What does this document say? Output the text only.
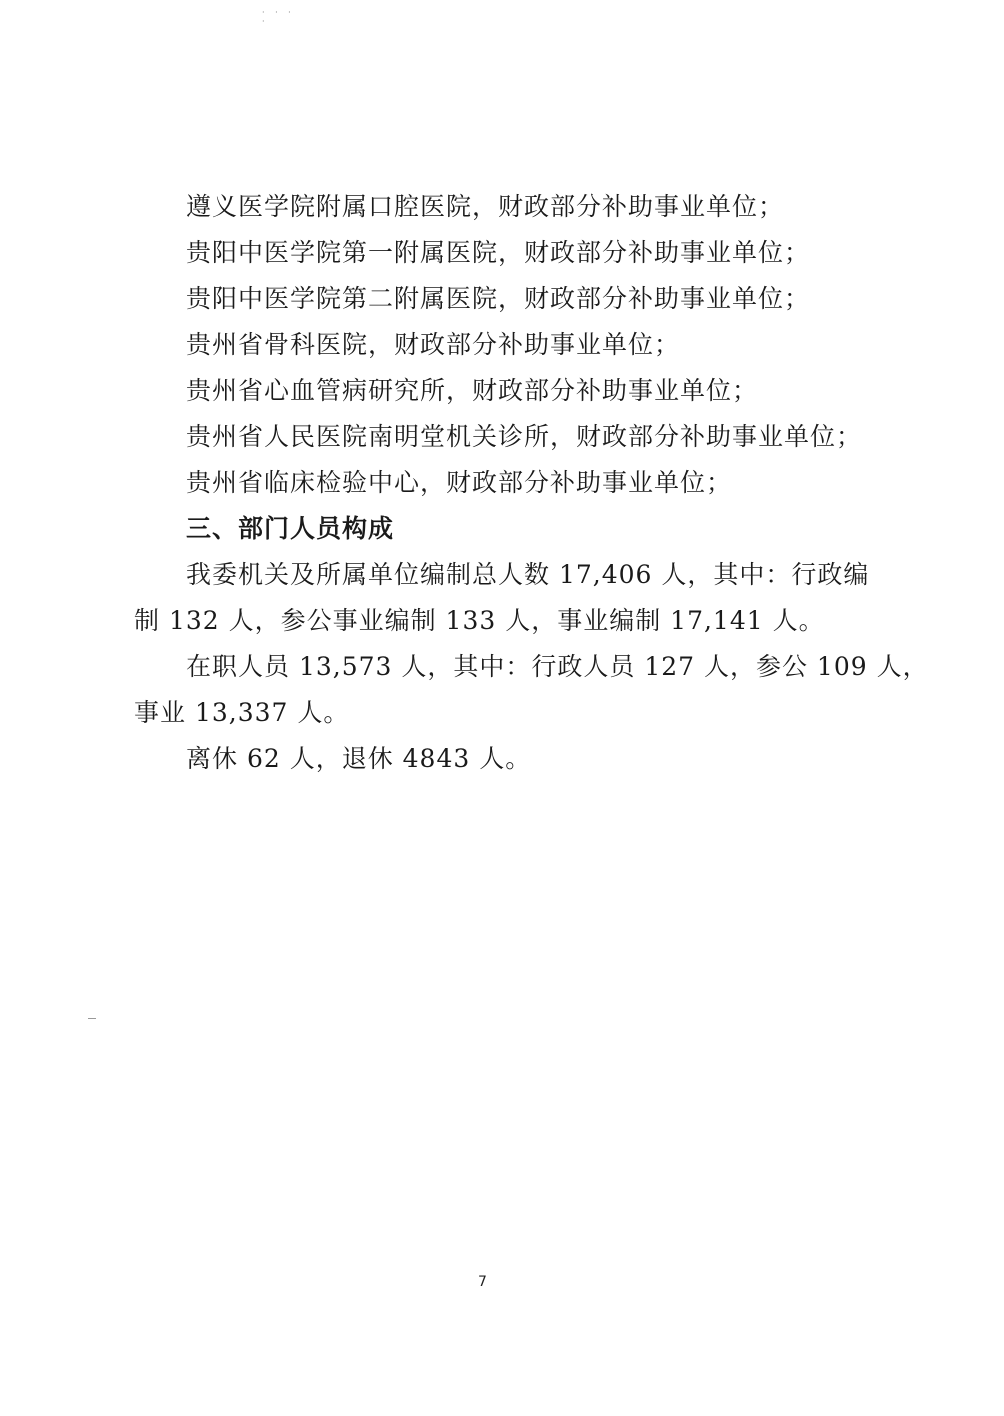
· · · ·
遵义医学院附属口腔医院，财政部分补助事业单位；
贵阳中医学院第一附属医院，财政部分补助事业单位；
贵阳中医学院第二附属医院，财政部分补助事业单位；
贵州省骨科医院，财政部分补助事业单位；
贵州省心血管病研究所，财政部分补助事业单位；
贵州省人民医院南明堂机关诊所，财政部分补助事业单位；
贵州省临床检验中心，财政部分补助事业单位；
三、部门人员构成
我委机关及所属单位编制总人数 17,406 人，其中：行政编
制 132 人，参公事业编制 133 人，事业编制 17,141 人。
在职人员 13,573 人，其中：行政人员 127 人，参公 109 人，
事业 13,337 人。
离休 62 人，退休 4843 人。
7
